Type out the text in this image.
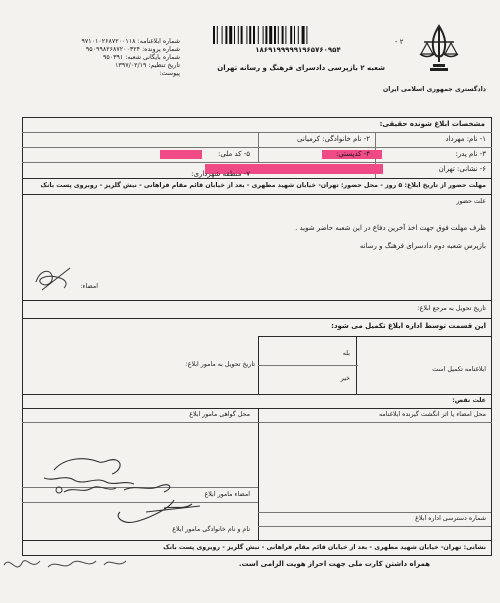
شماره ابلاغنامه: ۹۷۱۰۱۰۲۶۸۷۲۰۰۱۱۸
شماره پرونده: ۹۵۰۹۹۸۲۶۸۷۲۰۰۳۲۴
شماره بایگانی شعبه: ۹۵۰۳۹۱
تاریخ تنظیم: ۱۳۹۷/۰۲/۱۹
پیوست:
۱۸۶۹۱۹۹۹۹۹۱۹۶۵۷۶۰۹۵۴
شعبه ۲ بازپرسی دادسرای فرهنگ و رسانه تهران
- ۲
دادگستری جمهوری اسلامی ایران
مشخصات ابلاغ شونده حقیقی:
۱- نام: مهرداد
۲- نام خانوادگی: کرمیانی
۳- نام پدر:
۴- کدپستی:
۵- کد ملی:
۶- نشانی: تهران
۷- منطقه شهرداری:
مهلت حضور از تاریخ ابلاغ: ۵ روز - محل حضور: تهران- خیابان شهید مطهری - بعد از خیابان قائم مقام فراهانی - نبش گلریز - روبروی پست بانک
علت حضور
ظرف مهلت فوق جهت اخذ آخرین دفاع در این شعبه حاضر شوید .
بازپرس شعبه دوم دادسرای فرهنگ و رسانه
امضاء:
تاریخ تحویل به مرجع ابلاغ:
این قسمت توسط اداره ابلاغ تکمیل می شود:
ابلاغنامه تکمیل است
بله
خیر
تاریخ تحویل به مامور ابلاغ:
علت نقص:
محل امضاء یا اثر انگشت گیرنده ابلاغنامه
محل گواهی مامور ابلاغ
امضاء مامور ابلاغ
نام و نام خانوادگی مامور ابلاغ
شماره دسترسی اداره ابلاغ
نشانی: تهران- خیابان شهید مطهری - بعد از خیابان قائم مقام فراهانی - نبش گلریز - روبروی پست بانک
همراه داشتن کارت ملی جهت احراز هویت الزامی است.
